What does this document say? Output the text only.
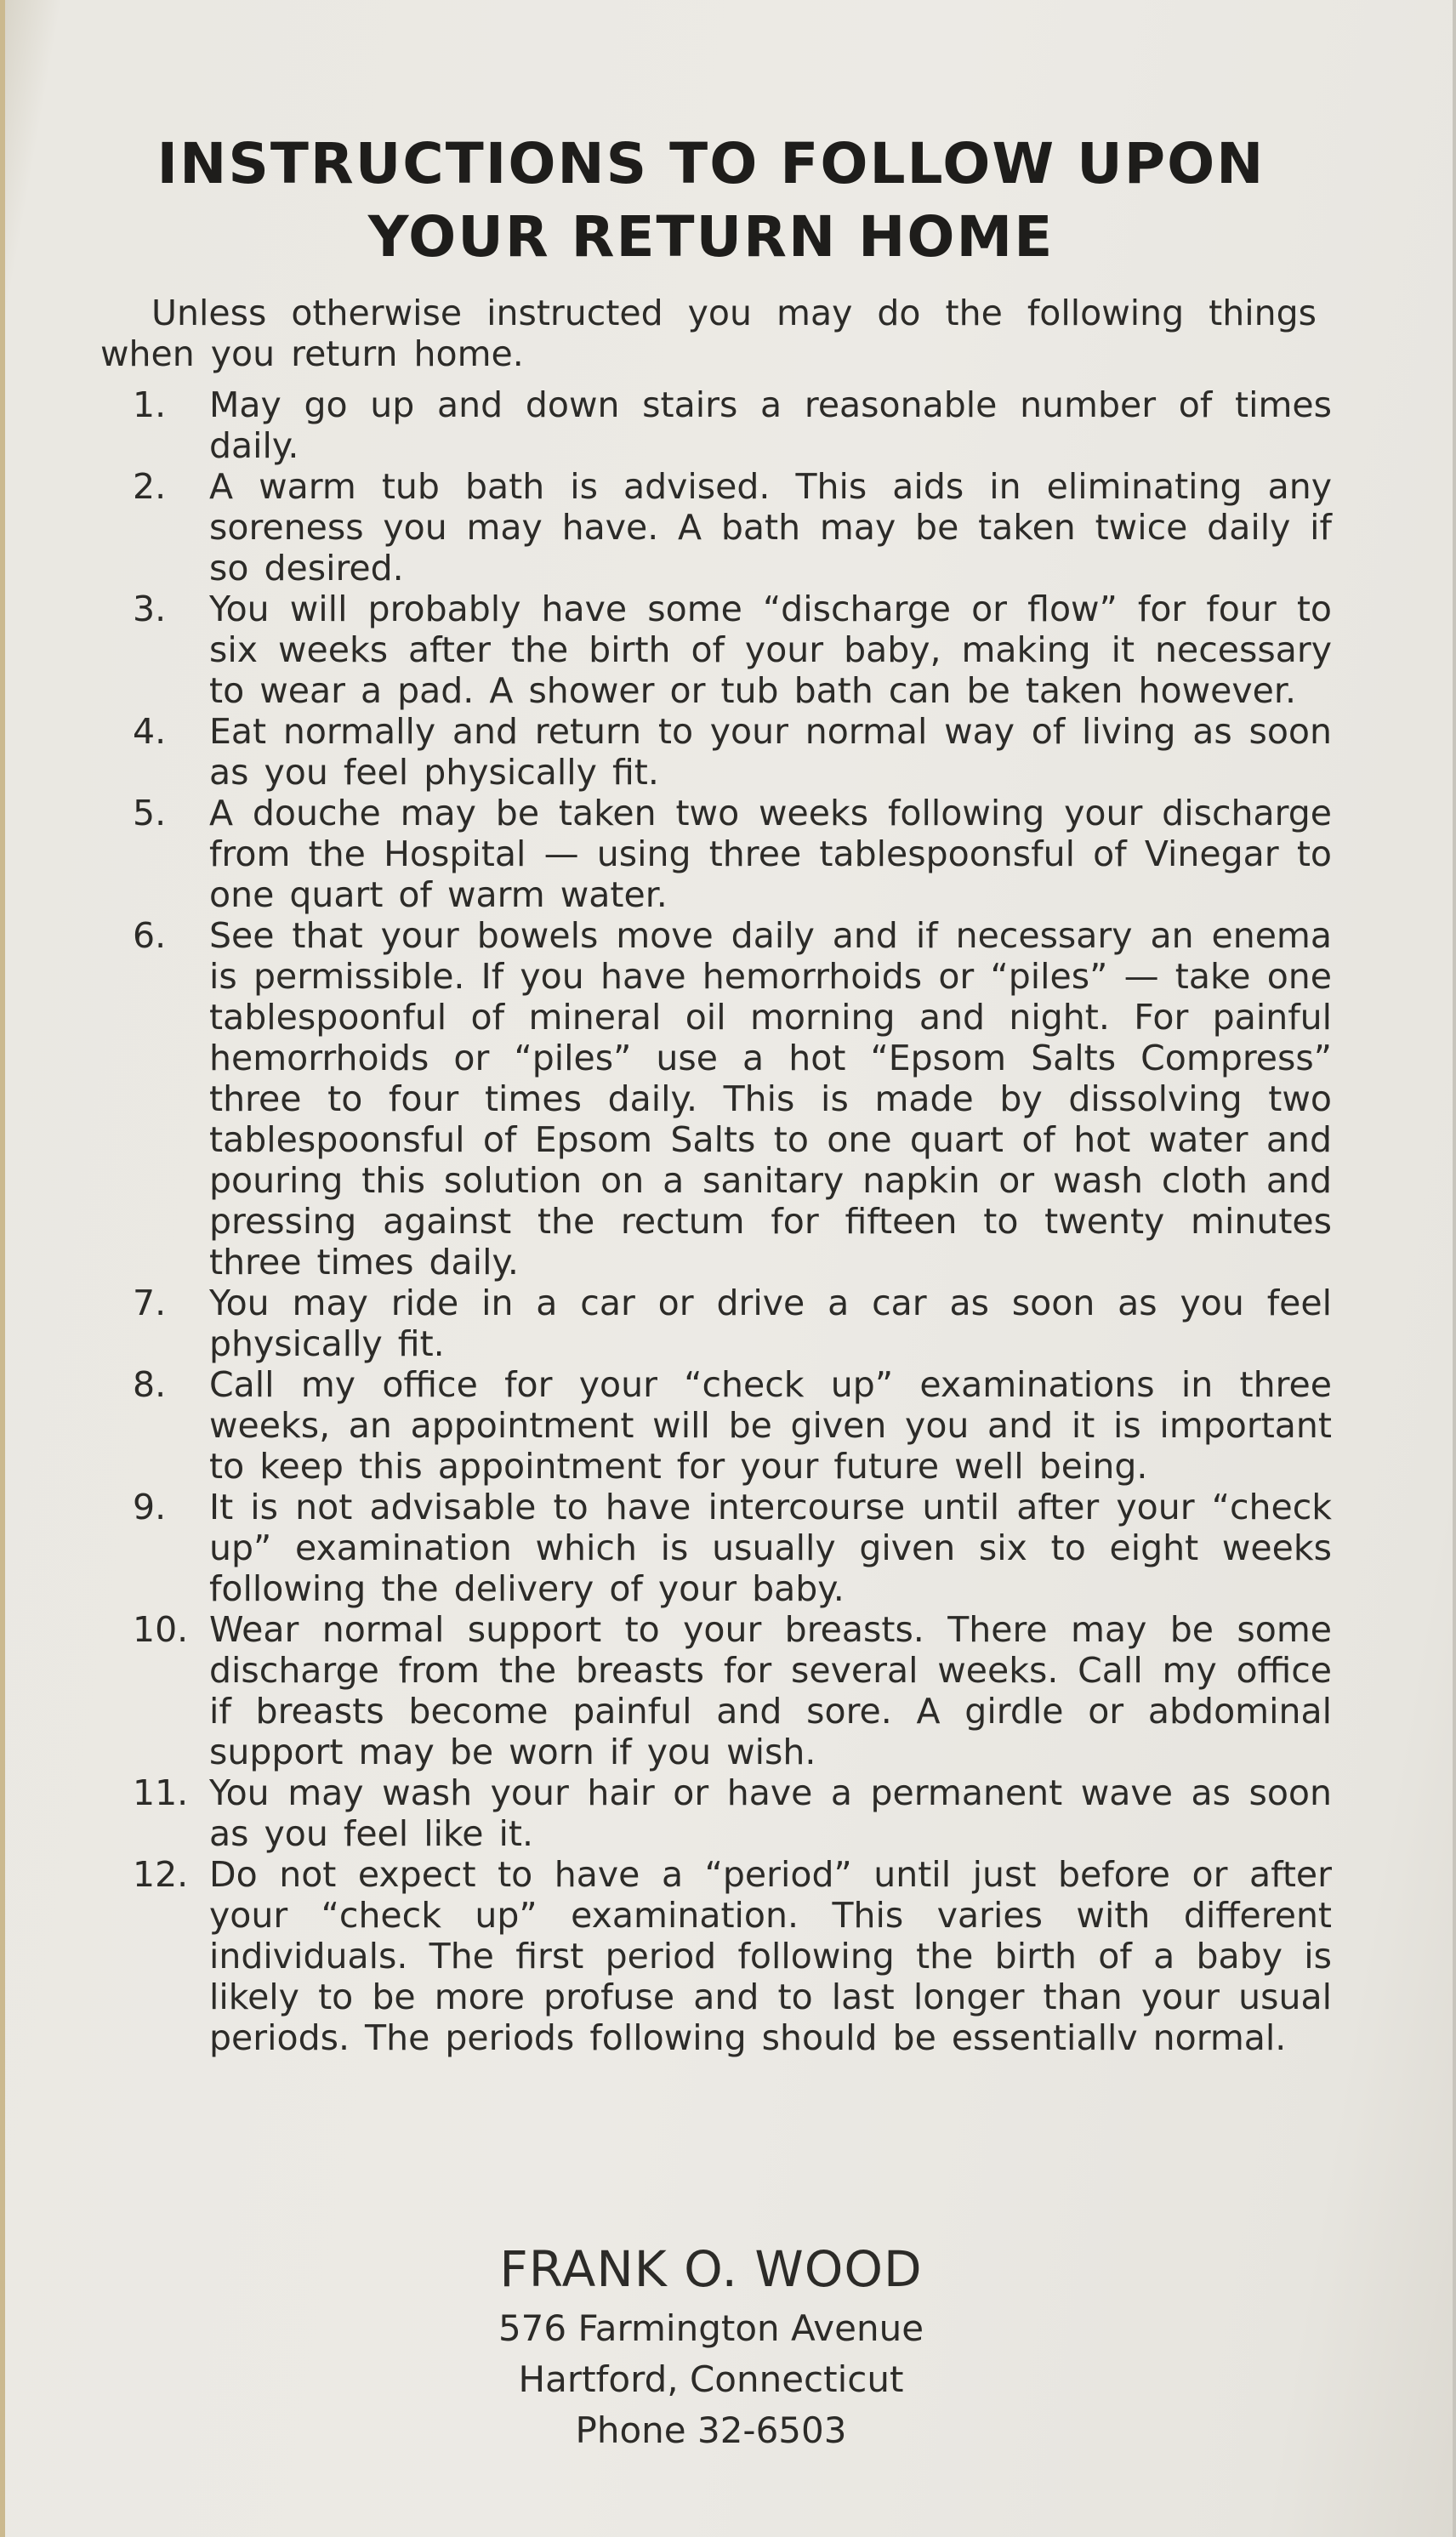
INSTRUCTIONS TO FOLLOW UPON
YOUR RETURN HOME
Unless otherwise instructed you may do the following things when you return home.
1.	May go up and down stairs a reasonable number of times daily.
2.	A warm tub bath is advised. This aids in eliminating any soreness you may have. A bath may be taken twice daily if so desired.
3.	You will probably have some “discharge or flow” for four to six weeks after the birth of your baby, making it necessary to wear a pad. A shower or tub bath can be taken however.
4.	Eat normally and return to your normal way of living as soon as you feel physically fit.
5.	A douche may be taken two weeks following your discharge from the Hospital — using three tablespoonsful of Vinegar to one quart of warm water.
6.	See that your bowels move daily and if necessary an enema is permissible. If you have hemorrhoids or “piles” — take one tablespoonful of mineral oil morning and night. For painful hemorrhoids or “piles” use a hot “Epsom Salts Compress” three to four times daily. This is made by dissolving two tablespoonsful of Epsom Salts to one quart of hot water and pouring this solution on a sanitary napkin or wash cloth and pressing against the rectum for fifteen to twenty minutes three times daily.
7.	You may ride in a car or drive a car as soon as you feel physically fit.
8.	Call my office for your “check up” examinations in three weeks, an appointment will be given you and it is important to keep this appointment for your future well being.
9.	It is not advisable to have intercourse until after your “check up” examination which is usually given six to eight weeks following the delivery of your baby.
10. Wear normal support to your breasts. There may be some discharge from the breasts for several weeks. Call my office if breasts become painful and sore. A girdle or abdominal support may be worn if you wish.
11. You may wash your hair or have a permanent wave as soon as you feel like it.
12. Do not expect to have a “period” until just before or after your “check up” examination. This varies with different individuals. The first period following the birth of a baby is likely to be more profuse and to last longer than your usual periods. The periods following should be essentiallv normal.
FRANK O. WOOD
576 Farmington Avenue
Hartford, Connecticut
Phone 32-6503
